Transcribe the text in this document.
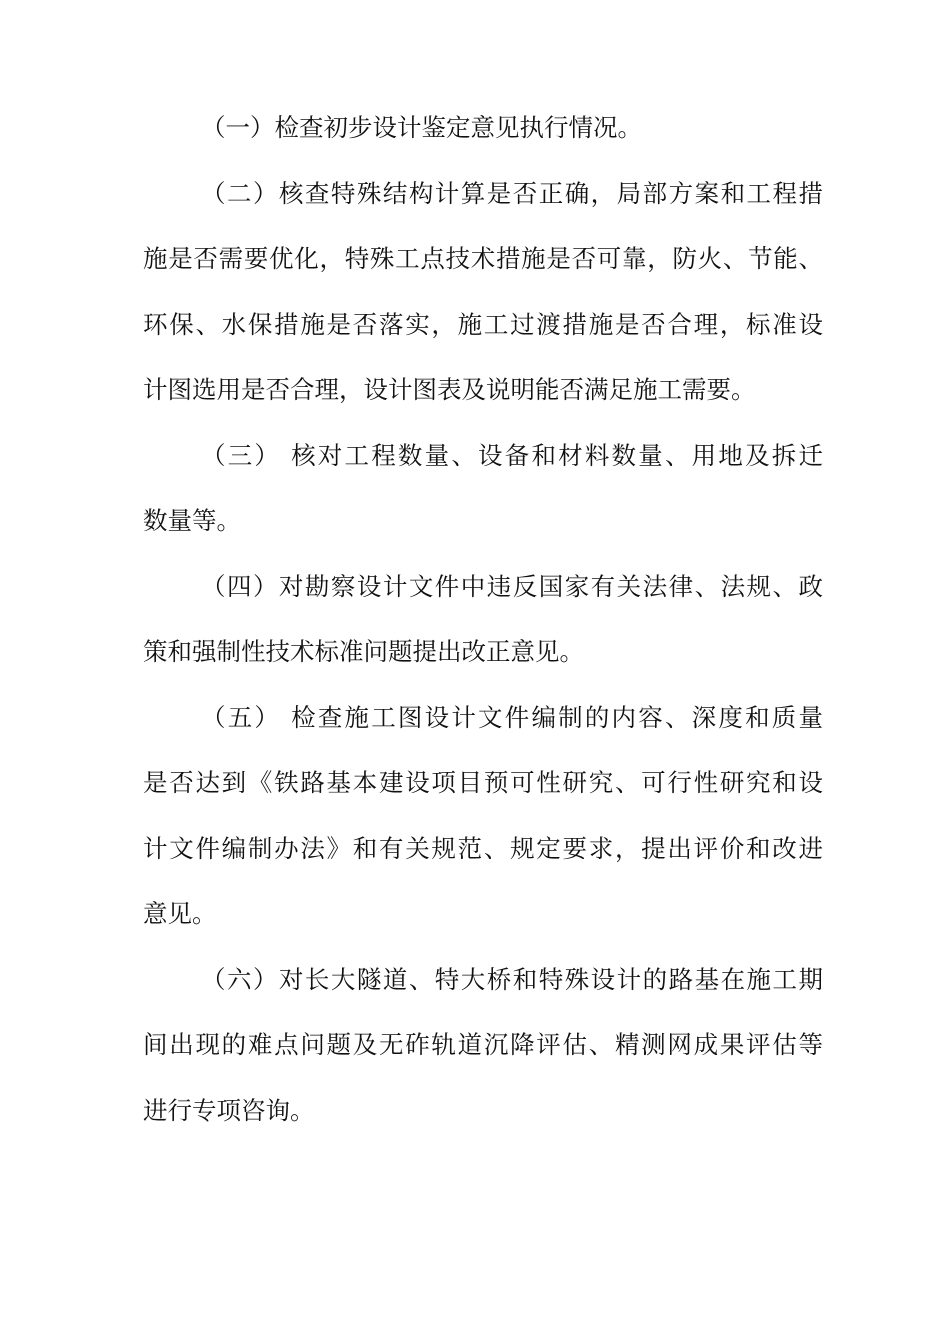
（一）检查初步设计鉴定意见执行情况。

（二）核查特殊结构计算是否正确，局部方案和工程措
施是否需要优化，特殊工点技术措施是否可靠，防火、节能、
环保、水保措施是否落实，施工过渡措施是否合理，标准设
计图选用是否合理，设计图表及说明能否满足施工需要。

（三） 核对工程数量、设备和材料数量、用地及拆迁
数量等。

（四）对勘察设计文件中违反国家有关法律、法规、政
策和强制性技术标准问题提出改正意见。

（五） 检查施工图设计文件编制的内容、深度和质量
是否达到《铁路基本建设项目预可性研究、可行性研究和设
计文件编制办法》和有关规范、规定要求，提出评价和改进
意见。

（六）对长大隧道、特大桥和特殊设计的路基在施工期
间出现的难点问题及无砟轨道沉降评估、精测网成果评估等
进行专项咨询。
